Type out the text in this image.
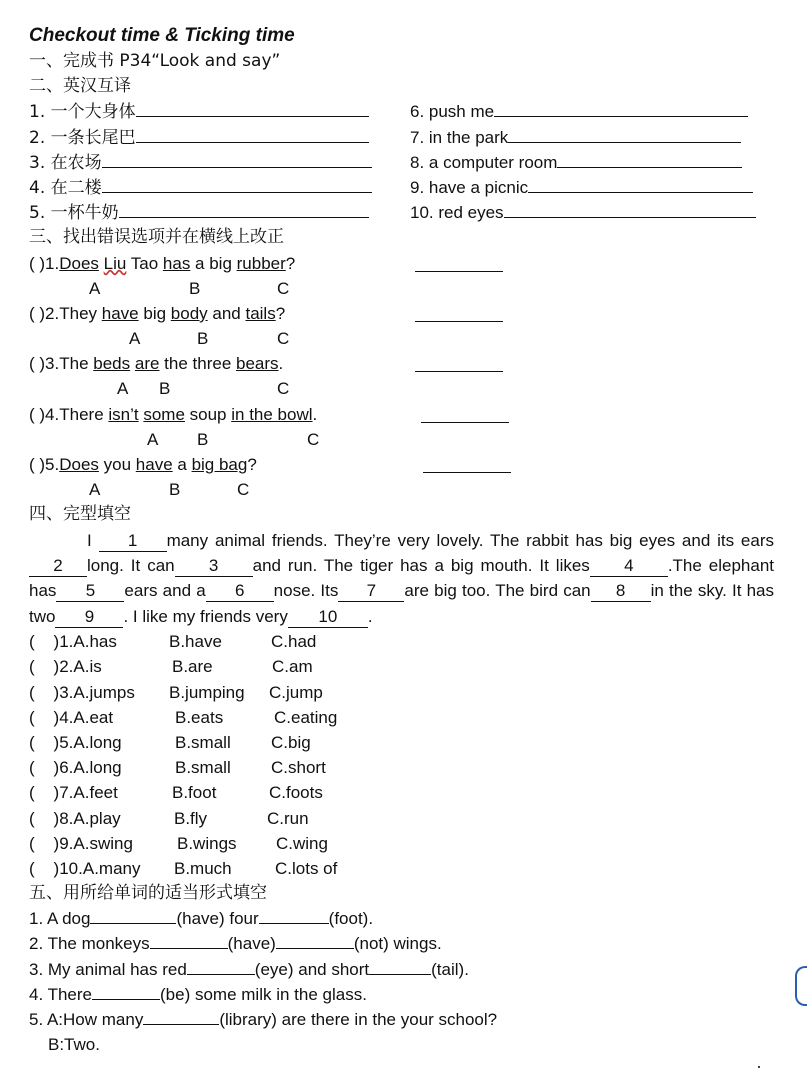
Checkout time & Ticking time
一、完成书 P34“Look and say”
二、英汉互译
1. 一个大身体	6. push me
2. 一条长尾巴	7. in the park
3. 在农场	8. a computer room
4. 在二楼	9. have a picnic
5. 一杯牛奶	10. red eyes
三、找出错误选项并在横线上改正
( )1.Does Liu Tao has a big rubber?
A	B	C
( )2.They have big body and tails?
A	B	C
( )3.The beds are the three bears.
A B	C
( )4.There isn’t some soup in the bowl.
A B	C
( )5.Does you have a big bag?
A	B	C
四、完型填空
I 1 many animal friends. They’re very lovely. The rabbit has big eyes and its ears 2 long. It can 3 and run. The tiger has a big mouth. It likes 4 .The elephant has 5 ears and a 6 nose. Its 7 are big too. The bird can 8 in the sky. It has two 9 . I like my friends very 10 .
(    )1.A.has	B.have	C.had
(    )2.A.is	B.are	C.am
(    )3.A.jumps B.jumping C.jump
(    )4.A.eat	B.eats	C.eating
(    )5.A.long	B.small C.big
(    )6.A.long	B.small C.short
(    )7.A.feet	B.foot	C.foots
(    )8.A.play	B.fly	C.run
(    )9.A.swing	B.wings C.wing
(    )10.A.many B.much	C.lots of
五、用所给单词的适当形式填空
1. A dog	(have) four	(foot).
2. The monkeys	(have)	(not) wings.
3. My animal has red	(eye) and short	(tail).
4. There	(be) some milk in the glass.
5. A:How many	(library) are there in the your school?
B:Two.
